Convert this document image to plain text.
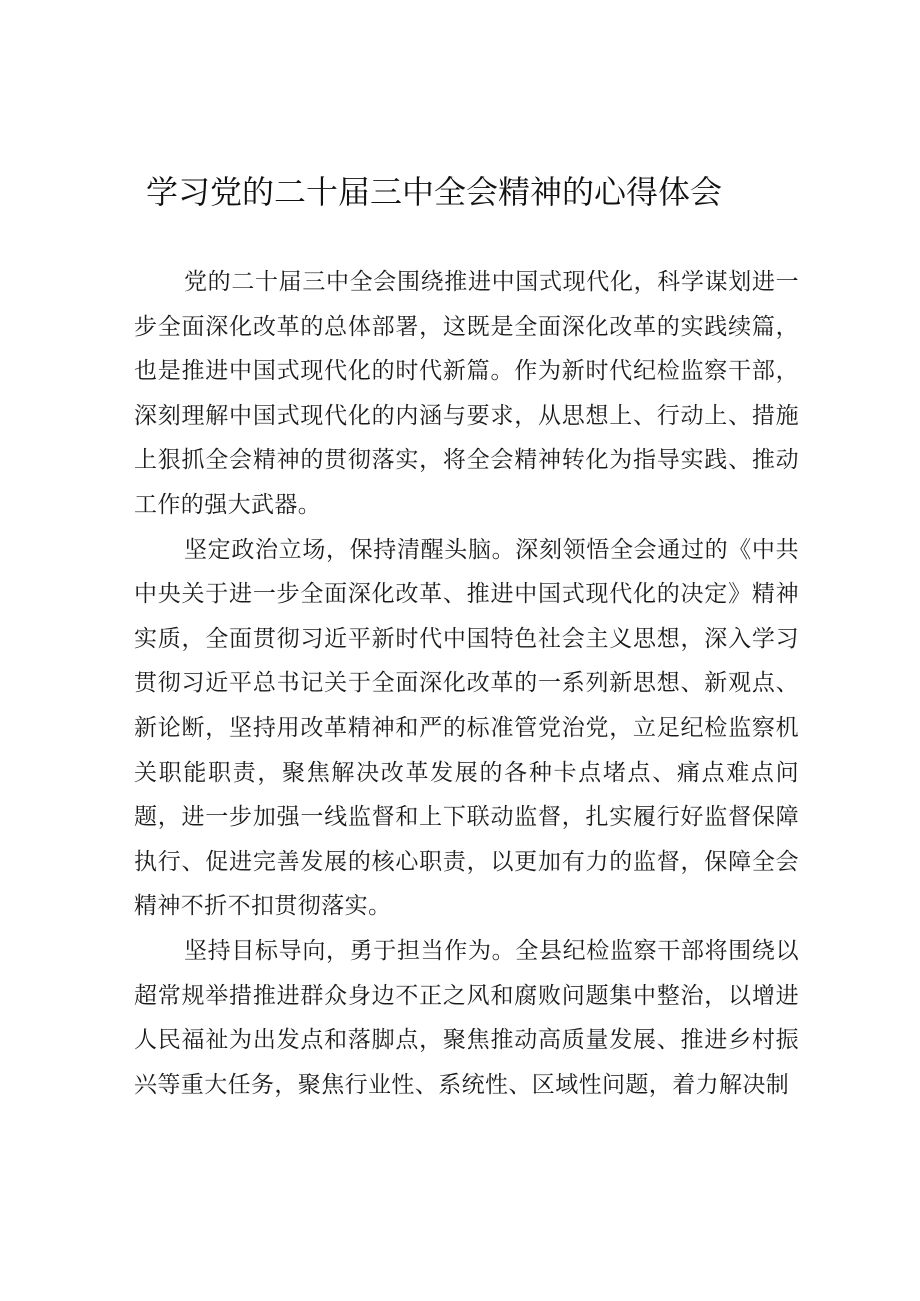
学习党的二十届三中全会精神的心得体会

党的二十届三中全会围绕推进中国式现代化，科学谋划进一步全面深化改革的总体部署，这既是全面深化改革的实践续篇，也是推进中国式现代化的时代新篇。作为新时代纪检监察干部，深刻理解中国式现代化的内涵与要求，从思想上、行动上、措施上狠抓全会精神的贯彻落实，将全会精神转化为指导实践、推动工作的强大武器。

坚定政治立场，保持清醒头脑。深刻领悟全会通过的《中共中央关于进一步全面深化改革、推进中国式现代化的决定》精神实质，全面贯彻习近平新时代中国特色社会主义思想，深入学习贯彻习近平总书记关于全面深化改革的一系列新思想、新观点、新论断，坚持用改革精神和严的标准管党治党，立足纪检监察机关职能职责，聚焦解决改革发展的各种卡点堵点、痛点难点问题，进一步加强一线监督和上下联动监督，扎实履行好监督保障执行、促进完善发展的核心职责，以更加有力的监督，保障全会精神不折不扣贯彻落实。

坚持目标导向，勇于担当作为。全县纪检监察干部将围绕以超常规举措推进群众身边不正之风和腐败问题集中整治，以增进人民福祉为出发点和落脚点，聚焦推动高质量发展、推进乡村振兴等重大任务，聚焦行业性、系统性、区域性问题，着力解决制
